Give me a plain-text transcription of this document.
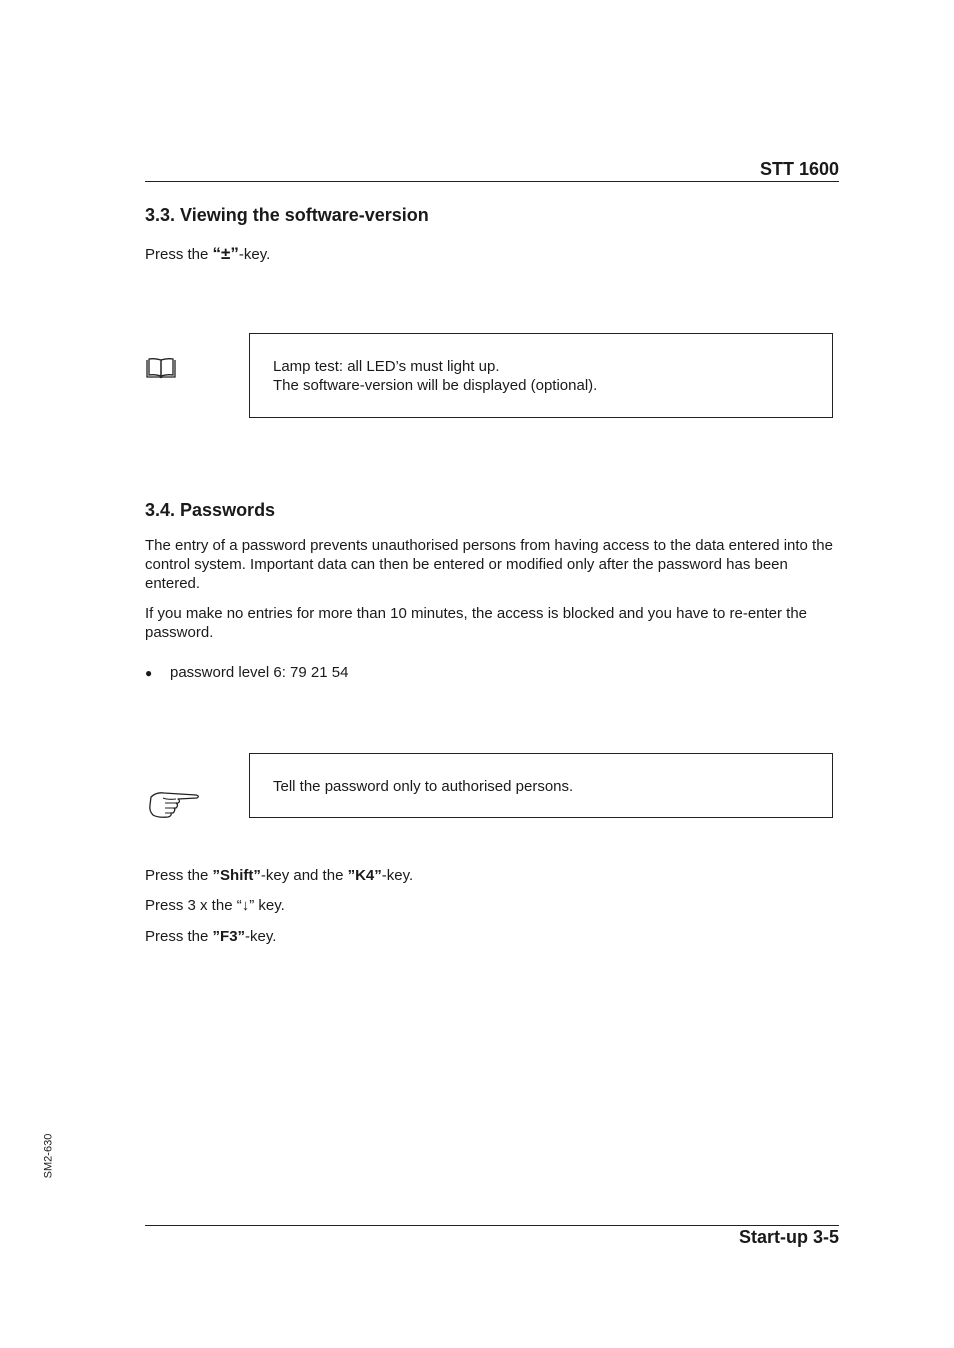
STT 1600
3.3. Viewing the software-version
Press the “±”-key.
Lamp test: all LED’s must light up.
The software-version will be displayed (optional).
3.4. Passwords
The entry of a password prevents unauthorised persons from having access to the data entered into the control system. Important data can then be entered or modified only after the password has been entered.
If you make no entries for more than 10 minutes, the access is blocked and you have to re-enter the password.
● password level 6: 79 21 54
Tell the password only to authorised persons.
Press the ”Shift”-key and the ”K4”-key.
Press 3 x the “↓” key.
Press the ”F3”-key.
SM2-630
Start-up 3-5
